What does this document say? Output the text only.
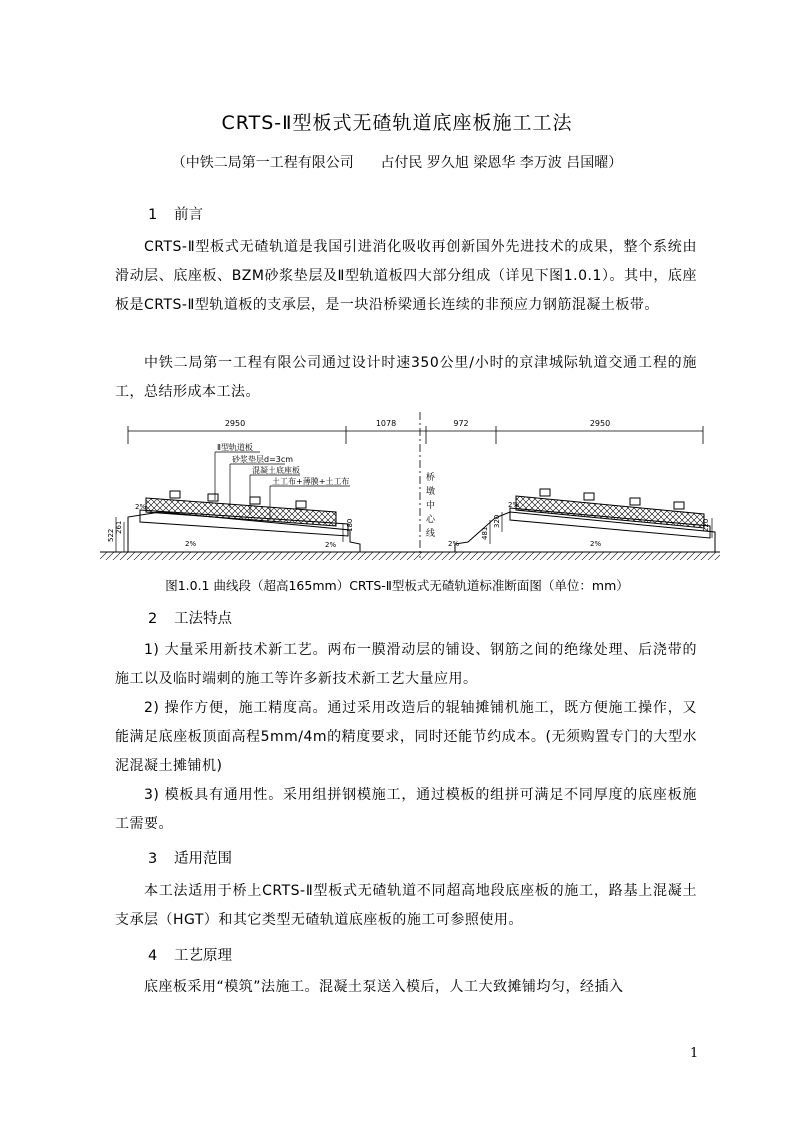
CRTS-Ⅱ型板式无碴轨道底座板施工工法
（中铁二局第一工程有限公司      占付民 罗久旭 梁恩华 李万波 吕国曜）
1 前言
CRTS-Ⅱ型板式无碴轨道是我国引进消化吸收再创新国外先进技术的成果，整个系统由滑动层、底座板、BZM砂浆垫层及Ⅱ型轨道板四大部分组成（详见下图1.0.1）。其中，底座板是CRTS-Ⅱ型轨道板的支承层，是一块沿桥梁通长连续的非预应力钢筋混凝土板带。
中铁二局第一工程有限公司通过设计时速350公里/小时的京津城际轨道交通工程的施工，总结形成本工法。
2950	1078	972	2950
桥
墩
中
心
线
Ⅱ型轨道板
砂浆垫层d=3cm
混凝土底座板
土工布+薄膜+土工布
522
261	180
481
320	220
2%
2%	2%	2%
2%
2%
图1.0.1 曲线段（超高165mm）CRTS-Ⅱ型板式无碴轨道标准断面图（单位：mm）
2 工法特点
1) 大量采用新技术新工艺。两布一膜滑动层的铺设、钢筋之间的绝缘处理、后浇带的施工以及临时端刺的施工等许多新技术新工艺大量应用。
2) 操作方便，施工精度高。通过采用改造后的辊轴摊铺机施工，既方便施工操作，又能满足底座板顶面高程5mm/4m的精度要求，同时还能节约成本。(无须购置专门的大型水泥混凝土摊铺机)
3) 模板具有通用性。采用组拼钢模施工，通过模板的组拼可满足不同厚度的底座板施工需要。
3 适用范围
本工法适用于桥上CRTS-Ⅱ型板式无碴轨道不同超高地段底座板的施工，路基上混凝土支承层（HGT）和其它类型无碴轨道底座板的施工可参照使用。
4 工艺原理
底座板采用“模筑”法施工。混凝土泵送入模后，人工大致摊铺均匀，经插入
1
